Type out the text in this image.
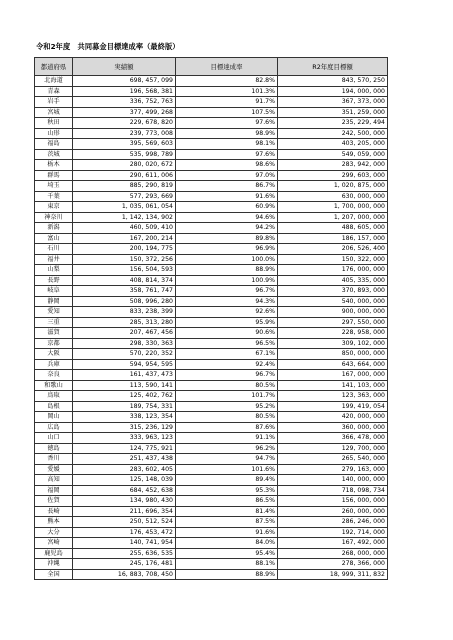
令和2年度　共同募金目標達成率（最終版）
都道府県	実績額	目標達成率	R2年度目標額
北海道	698, 457, 099	82.8%	843, 570, 250
青森	196, 568, 381	101.3%	194, 000, 000
岩手	336, 752, 763	91.7%	367, 373, 000
宮城	377, 499, 268	107.5%	351, 259, 000
秋田	229, 678, 820	97.6%	235, 229, 494
山形	239, 773, 008	98.9%	242, 500, 000
福島	395, 569, 603	98.1%	403, 205, 000
茨城	535, 998, 789	97.6%	549, 059, 000
栃木	280, 020, 672	98.6%	283, 942, 000
群馬	290, 611, 006	97.0%	299, 603, 000
埼玉	885, 290, 819	86.7%	1, 020, 875, 000
千葉	577, 293, 669	91.6%	630, 000, 000
東京	1, 035, 061, 054	60.9%	1, 700, 000, 000
神奈川	1, 142, 134, 902	94.6%	1, 207, 000, 000
新潟	460, 509, 410	94.2%	488, 605, 000
富山	167, 200, 214	89.8%	186, 157, 000
石川	200, 194, 775	96.9%	206, 526, 400
福井	150, 372, 256	100.0%	150, 322, 000
山梨	156, 504, 593	88.9%	176, 000, 000
長野	408, 814, 374	100.9%	405, 335, 000
岐阜	358, 761, 747	96.7%	370, 893, 000
静岡	508, 996, 280	94.3%	540, 000, 000
愛知	833, 238, 399	92.6%	900, 000, 000
三重	285, 313, 280	95.9%	297, 550, 000
滋賀	207, 467, 456	90.6%	228, 958, 000
京都	298, 330, 363	96.5%	309, 102, 000
大阪	570, 220, 352	67.1%	850, 000, 000
兵庫	594, 954, 595	92.4%	643, 664, 000
奈良	161, 437, 473	96.7%	167, 000, 000
和歌山	113, 590, 141	80.5%	141, 103, 000
鳥取	125, 402, 762	101.7%	123, 363, 000
島根	189, 754, 331	95.2%	199, 419, 054
岡山	338, 123, 354	80.5%	420, 000, 000
広島	315, 236, 129	87.6%	360, 000, 000
山口	333, 963, 123	91.1%	366, 478, 000
徳島	124, 775, 921	96.2%	129, 700, 000
香川	251, 437, 438	94.7%	265, 540, 000
愛媛	283, 602, 405	101.6%	279, 163, 000
高知	125, 148, 039	89.4%	140, 000, 000
福岡	684, 452, 638	95.3%	718, 098, 734
佐賀	134, 980, 430	86.5%	156, 000, 000
長崎	211, 696, 354	81.4%	260, 000, 000
熊本	250, 512, 524	87.5%	286, 246, 000
大分	176, 453, 472	91.6%	192, 714, 000
宮崎	140, 741, 954	84.0%	167, 492, 000
鹿児島	255, 636, 535	95.4%	268, 000, 000
沖縄	245, 176, 481	88.1%	278, 366, 000
全国	16, 883, 708, 450	88.9%	18, 999, 311, 832
